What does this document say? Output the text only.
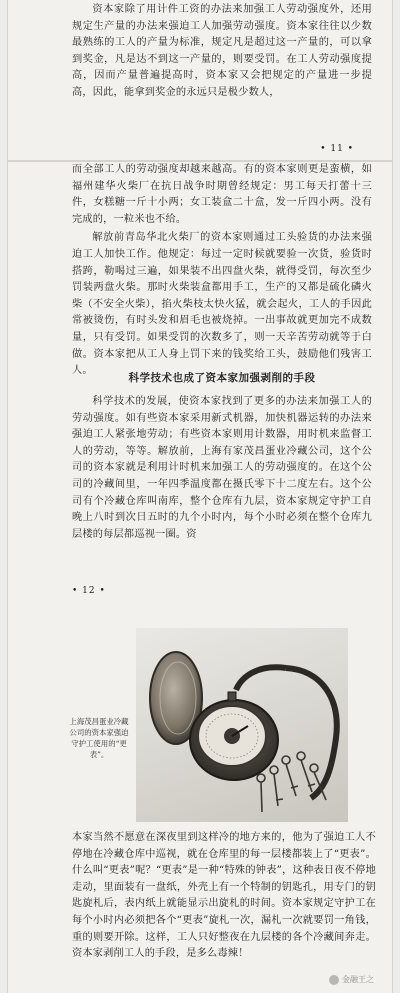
资本家除了用计件工资的办法来加强工人劳动强度外，还用规定生产量的办法来强迫工人加强劳动强度。资本家往往以少数最熟练的工人的产量为标准，规定凡是超过这一产量的，可以拿到奖金，凡是达不到这一产量的，则要受罚。在工人劳动强度提高，因而产量普遍提高时，资本家又会把规定的产量进一步提高，因此，能拿到奖金的永远只是极少数人，

• 11 •

而全部工人的劳动强度却越来越高。有的资本家则更是蛮横，如福州建华火柴厂在抗日战争时期曾经规定：男工每天打蕾十三件，女糕糖一斤十小两；女工装盒二十盒，发一斤四小两。没有完成的，一粒米也不给。

解放前青岛华北火柴厂的资本家则通过工头验货的办法来强迫工人加快工作。他规定：每过一定时候就要验一次货，验货时搭跨，勒喝过三遍，如果装不出四盘火柴，就得受罚，每次至少罚装两盘火柴。那时火柴装盒都用手工，生产的又都是硫化磷火柴（不安全火柴），掐火柴枝太快火猛，就会起火，工人的手因此常被烫伤，有时头发和眉毛也被烧掉。一出事故就更加完不成数量，只有受罚。如果受罚的次数多了，则一天辛苦劳动就等于白做。资本家把从工人身上罚下来的钱奖给工头，鼓励他们残害工人。

科学技术也成了资本家加强剥削的手段

科学技术的发展，使资本家找到了更多的办法来加强工人的劳动强度。如有些资本家采用新式机器，加快机器运转的办法来强迫工人紧张地劳动；有些资本家则用计数器，用时机来监督工人的劳动，等等。解放前，上海有家茂昌蛋业冷藏公司，这个公司的资本家就是利用计时机来加强工人的劳动强度的。在这个公司的冷藏间里，一年四季温度都在摄氏零下十二度左右。这个公司有个冷藏仓库叫南库，整个仓库有九层，资本家规定守护工自晚上八时到次日五时的九个小时内，每个小时必须在整个仓库九层楼的每层都巡视一圈。资

• 12 •
上海茂昌蛋业冷藏公司的资本家强迫守护工使用的“更表”。

本家当然不愿意在深夜里到这样冷的地方来的，他为了强迫工人不停地在冷藏仓库中巡视，就在仓库里的每一层楼都装上了“更表”。什么叫“更表”呢？“更表”是一种“特殊的钟表”，这种表日夜不停地走动，里面装有一盘纸，外壳上有一个特制的钥匙孔，用专门的钥匙旋札后，表内纸上就能显示出旋札的时间。资本家规定守护工在每个小时内必须把各个“更表”旋札一次，漏札一次就要罚一角钱，重的则要开除。这样，工人只好整夜在九层楼的各个冷藏间奔走。资本家剥削工人的手段，是多么毒辣！

金融王之
